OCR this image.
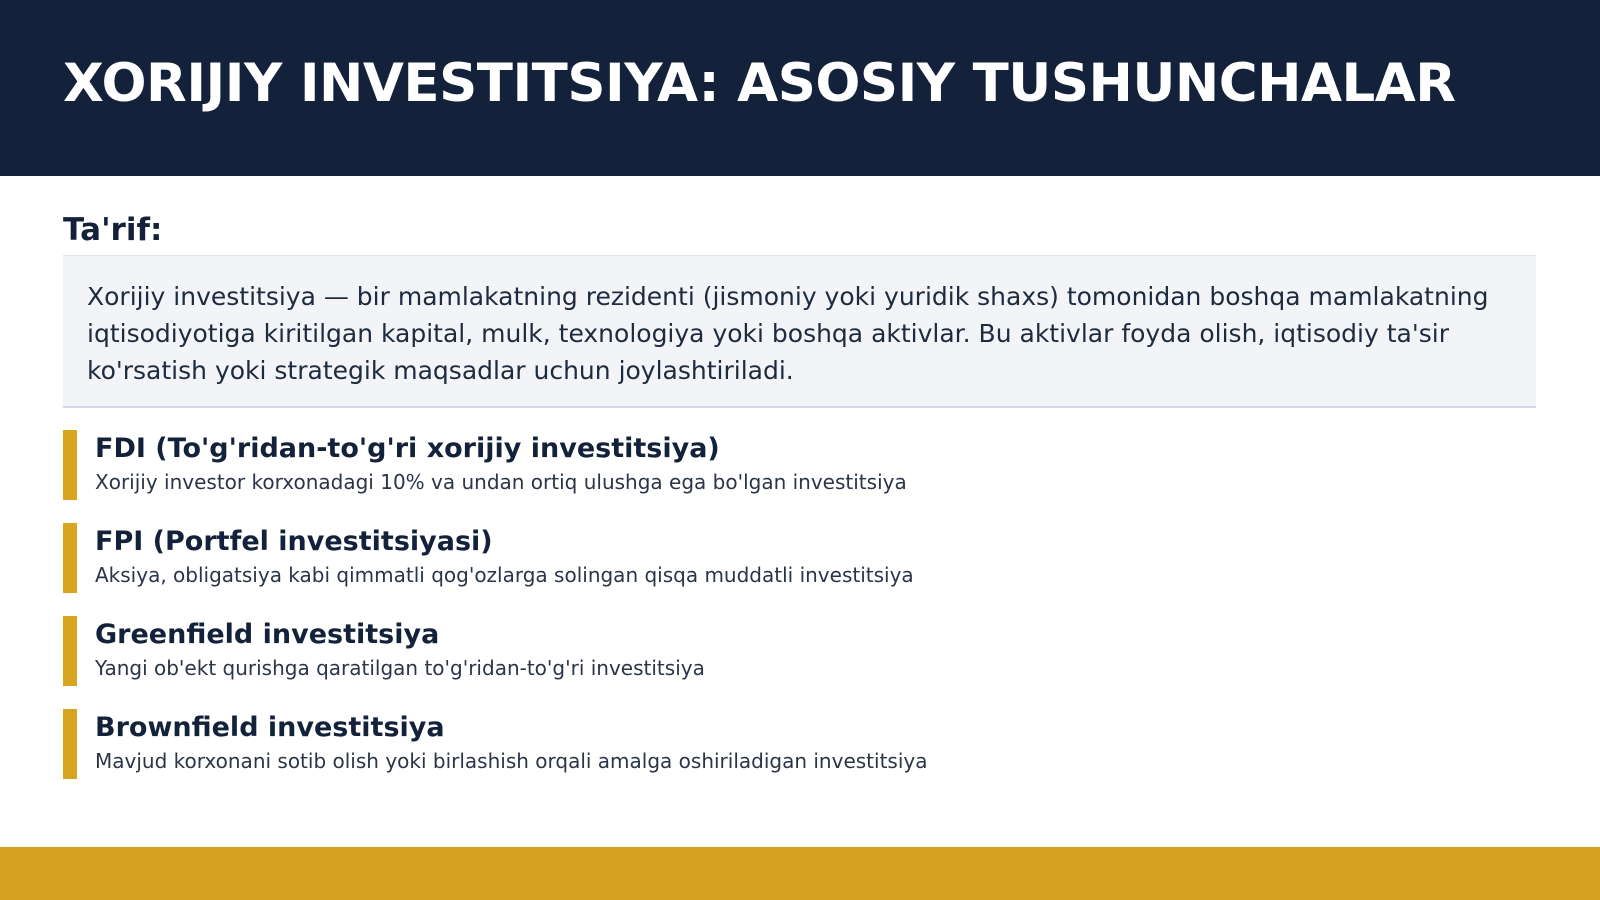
XORIJIY INVESTITSIYA: ASOSIY TUSHUNCHALAR
Ta'rif:

Xorijiy investitsiya — bir mamlakatning rezidenti (jismoniy yoki yuridik shaxs) tomonidan boshqa mamlakatning iqtisodiyotiga kiritilgan kapital, mulk, texnologiya yoki boshqa aktivlar. Bu aktivlar foyda olish, iqtisodiy ta'sir ko'rsatish yoki strategik maqsadlar uchun joylashtiriladi.

FDI (To'g'ridan-to'g'ri xorijiy investitsiya)

Xorijiy investor korxonadagi 10% va undan ortiq ulushga ega bo'lgan investitsiya

FPI (Portfel investitsiyasi)

Aksiya, obligatsiya kabi qimmatli qog'ozlarga solingan qisqa muddatli investitsiya

Greenfield investitsiya

Yangi ob'ekt qurishga qaratilgan to'g'ridan-to'g'ri investitsiya

Brownfield investitsiya

Mavjud korxonani sotib olish yoki birlashish orqali amalga oshiriladigan investitsiya
